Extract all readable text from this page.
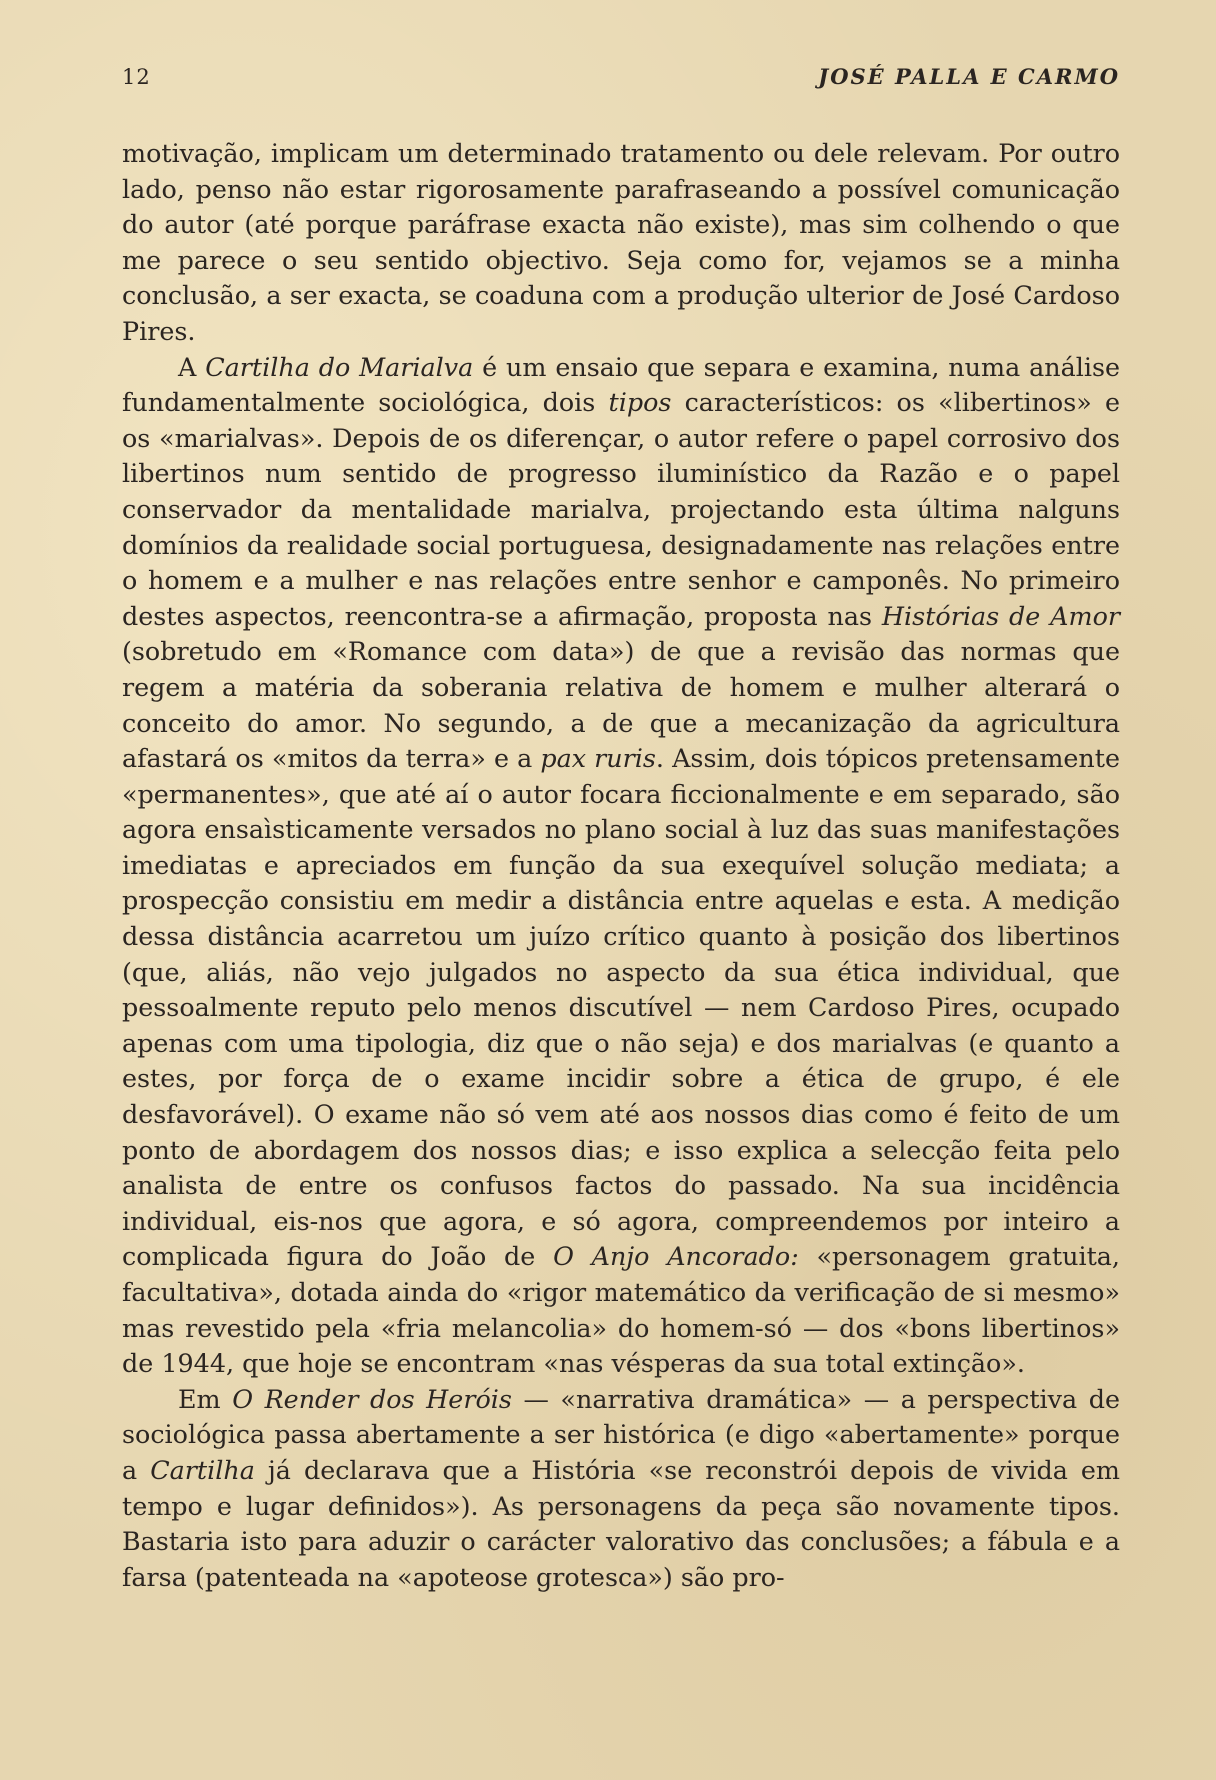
12	JOSÉ PALLA E CARMO

motivação, implicam um determinado tratamento ou dele relevam. Por outro lado, penso não estar rigorosamente parafraseando a possível comunicação do autor (até porque paráfrase exacta não existe), mas sim colhendo o que me parece o seu sentido objectivo. Seja como for, vejamos se a minha conclusão, a ser exacta, se coaduna com a produção ulterior de José Cardoso Pires.

A Cartilha do Marialva é um ensaio que separa e examina, numa análise fundamentalmente sociológica, dois tipos característicos: os «libertinos» e os «marialvas». Depois de os diferençar, o autor refere o papel corrosivo dos libertinos num sentido de progresso iluminístico da Razão e o papel conservador da mentalidade marialva, projectando esta última nalguns domínios da realidade social portuguesa, designadamente nas relações entre o homem e a mulher e nas relações entre senhor e camponês. No primeiro destes aspectos, reencontra-se a afirmação, proposta nas Histórias de Amor (sobretudo em «Romance com data») de que a revisão das normas que regem a matéria da soberania relativa de homem e mulher alterará o conceito do amor. No segundo, a de que a mecanização da agricultura afastará os «mitos da terra» e a pax ruris. Assim, dois tópicos pretensamente «permanentes», que até aí o autor focara ficcionalmente e em separado, são agora ensaìsticamente versados no plano social à luz das suas manifestações imediatas e apreciados em função da sua exequível solução mediata; a prospecção consistiu em medir a distância entre aquelas e esta. A medição dessa distância acarretou um juízo crítico quanto à posição dos libertinos (que, aliás, não vejo julgados no aspecto da sua ética individual, que pessoalmente reputo pelo menos discutível — nem Cardoso Pires, ocupado apenas com uma tipologia, diz que o não seja) e dos marialvas (e quanto a estes, por força de o exame incidir sobre a ética de grupo, é ele desfavorável). O exame não só vem até aos nossos dias como é feito de um ponto de abordagem dos nossos dias; e isso explica a selecção feita pelo analista de entre os confusos factos do passado. Na sua incidência individual, eis-nos que agora, e só agora, compreendemos por inteiro a complicada figura do João de O Anjo Ancorado: «personagem gratuita, facultativa», dotada ainda do «rigor matemático da verificação de si mesmo» mas revestido pela «fria melancolia» do homem-só — dos «bons libertinos» de 1944, que hoje se encontram «nas vésperas da sua total extinção».

Em O Render dos Heróis — «narrativa dramática» — a perspectiva de sociológica passa abertamente a ser histórica (e digo «abertamente» porque a Cartilha já declarava que a História «se reconstrói depois de vivida em tempo e lugar definidos»). As personagens da peça são novamente tipos. Bastaria isto para aduzir o carácter valorativo das conclusões; a fábula e a farsa (patenteada na «apoteose grotesca») são pro-
